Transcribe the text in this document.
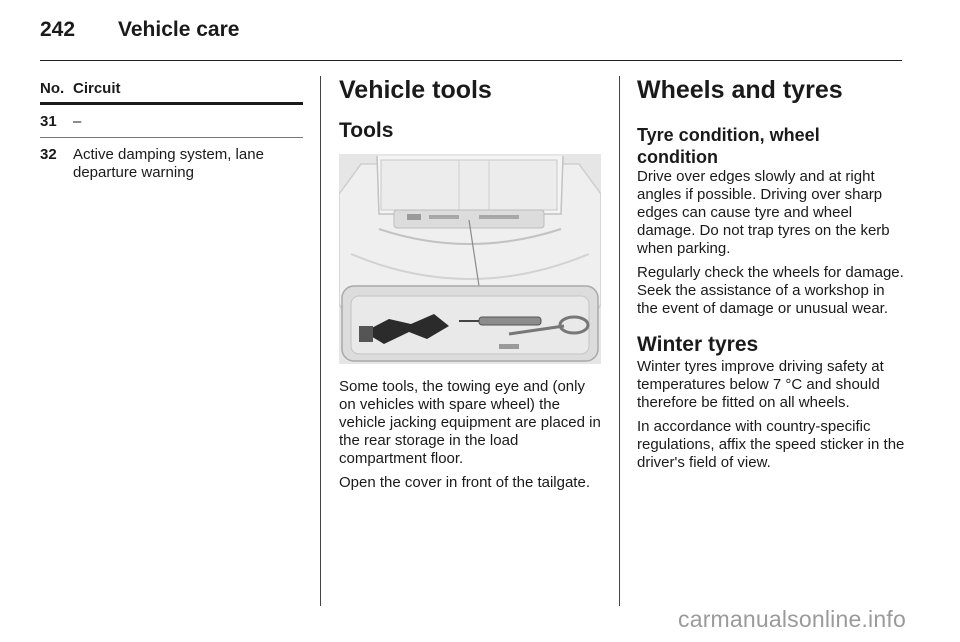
242 Vehicle care
No. Circuit
31 –
32 Active damping system, lane departure warning
Vehicle tools
Tools

Some tools, the towing eye and (only on vehicles with spare wheel) the vehicle jacking equipment are placed in the rear storage in the load compartment floor.

Open the cover in front of the tailgate.

Wheels and tyres
Tyre condition, wheel condition

Drive over edges slowly and at right angles if possible. Driving over sharp edges can cause tyre and wheel damage. Do not trap tyres on the kerb when parking.

Regularly check the wheels for damage. Seek the assistance of a workshop in the event of damage or unusual wear.

Winter tyres

Winter tyres improve driving safety at temperatures below 7 °C and should therefore be fitted on all wheels.

In accordance with country-specific regulations, affix the speed sticker in the driver's field of view.

carmanualsonline.info
